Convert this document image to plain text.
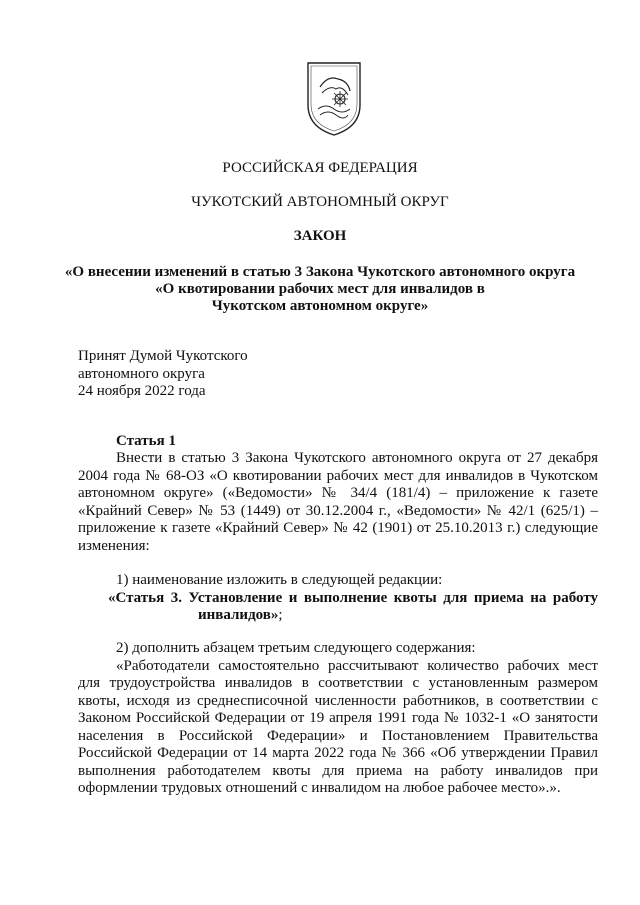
РОССИЙСКАЯ ФЕДЕРАЦИЯ
ЧУКОТСКИЙ АВТОНОМНЫЙ ОКРУГ
ЗАКОН
«О внесении изменений в статью 3 Закона Чукотского автономного округа
«О квотировании рабочих мест для инвалидов в
Чукотском автономном округе»
Принят Думой Чукотского
автономного округа
24 ноября 2022 года
Статья 1
Внести в статью 3 Закона Чукотского автономного округа от 27 декабря
2004 года № 68-ОЗ «О квотировании рабочих мест для инвалидов в Чукотском
автономном округе» («Ведомости» № 34/4 (181/4) – приложение к газете
«Крайний Север» № 53 (1449) от 30.12.2004 г., «Ведомости» № 42/1 (625/1) –
приложение к газете «Крайний Север» № 42 (1901) от 25.10.2013 г.) следующие
изменения:
1) наименование изложить в следующей редакции:
«Статья 3. Установление и выполнение квоты для приема на работу
инвалидов»;
2) дополнить абзацем третьим следующего содержания:
«Работодатели самостоятельно рассчитывают количество рабочих мест
для трудоустройства инвалидов в соответствии с установленным размером
квоты, исходя из среднесписочной численности работников, в соответствии с
Законом Российской Федерации от 19 апреля 1991 года № 1032-1 «О занятости
населения в Российской Федерации» и Постановлением Правительства
Российской Федерации от 14 марта 2022 года № 366 «Об утверждении Правил
выполнения работодателем квоты для приема на работу инвалидов при
оформлении трудовых отношений с инвалидом на любое рабочее место».».
